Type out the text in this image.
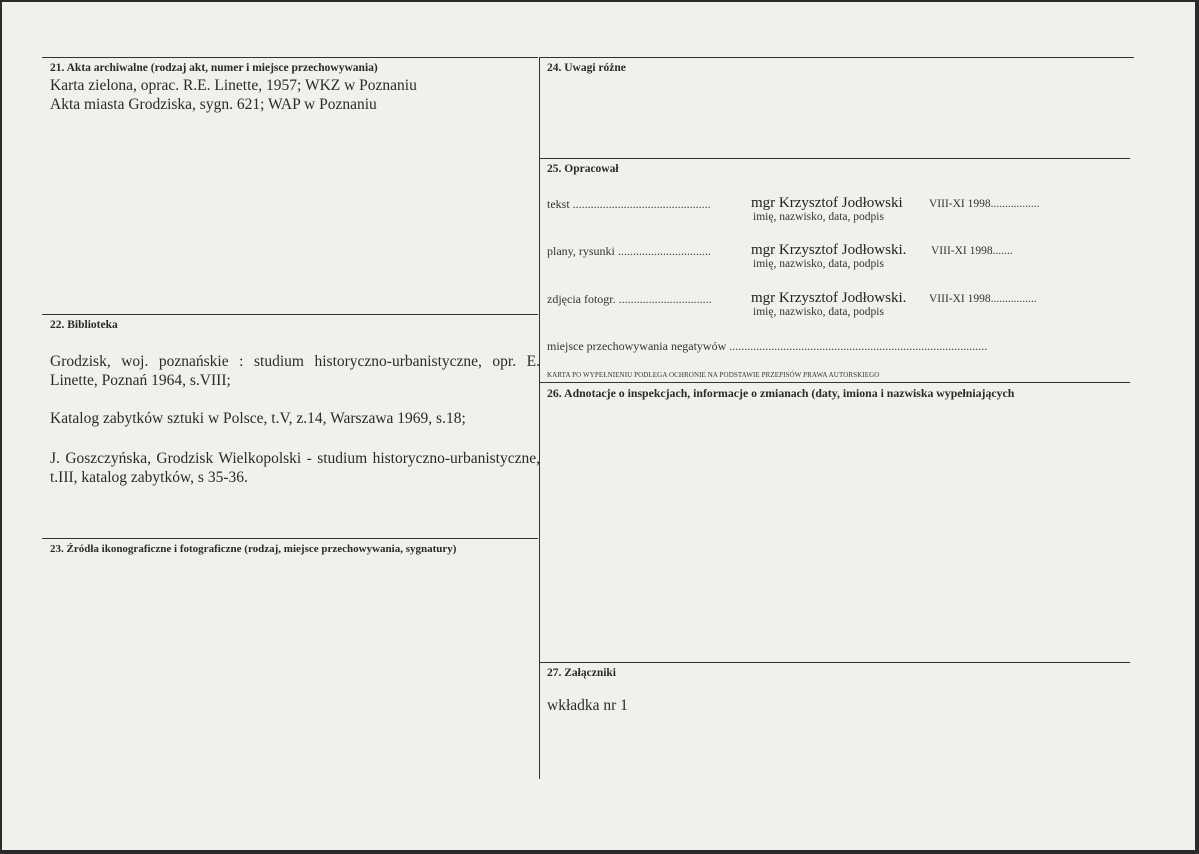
21. Akta archiwalne (rodzaj akt, numer i miejsce przechowywania)
Karta zielona, oprac. R.E. Linette, 1957; WKZ w Poznaniu
Akta miasta Grodziska, sygn. 621; WAP w Poznaniu
22. Biblioteka
Grodzisk, woj. poznańskie : studium historyczno-urbanistyczne, opr. E. Linette, Poznań 1964, s.VIII;
Katalog zabytków sztuki w Polsce, t.V, z.14, Warszawa 1969, s.18;
J. Goszczyńska, Grodzisk Wielkopolski - studium historyczno-urbanistyczne, t.III, katalog zabytków, s 35-36.
23. Źródła ikonograficzne i fotograficzne (rodzaj, miejsce przechowywania, sygnatury)
24. Uwagi różne
25. Opracował
tekst ..............................................	mgr Krzysztof Jodłowski VIII-XI 1998.................
imię, nazwisko, data, podpis
plany, rysunki ...............................	mgr Krzysztof Jodłowski. VIII-XI 1998.......
imię, nazwisko, data, podpis
zdjęcia fotogr. ...............................	mgr Krzysztof Jodłowski. VIII-XI 1998................
imię, nazwisko, data, podpis
miejsce przechowywania negatywów ......................................................................................
KARTA PO WYPEŁNIENIU PODLEGA OCHRONIE NA PODSTAWIE PRZEPISÓW PRAWA AUTORSKIEGO
26. Adnotacje o inspekcjach, informacje o zmianach (daty, imiona i nazwiska wypełniających
27. Załączniki
wkładka nr 1
